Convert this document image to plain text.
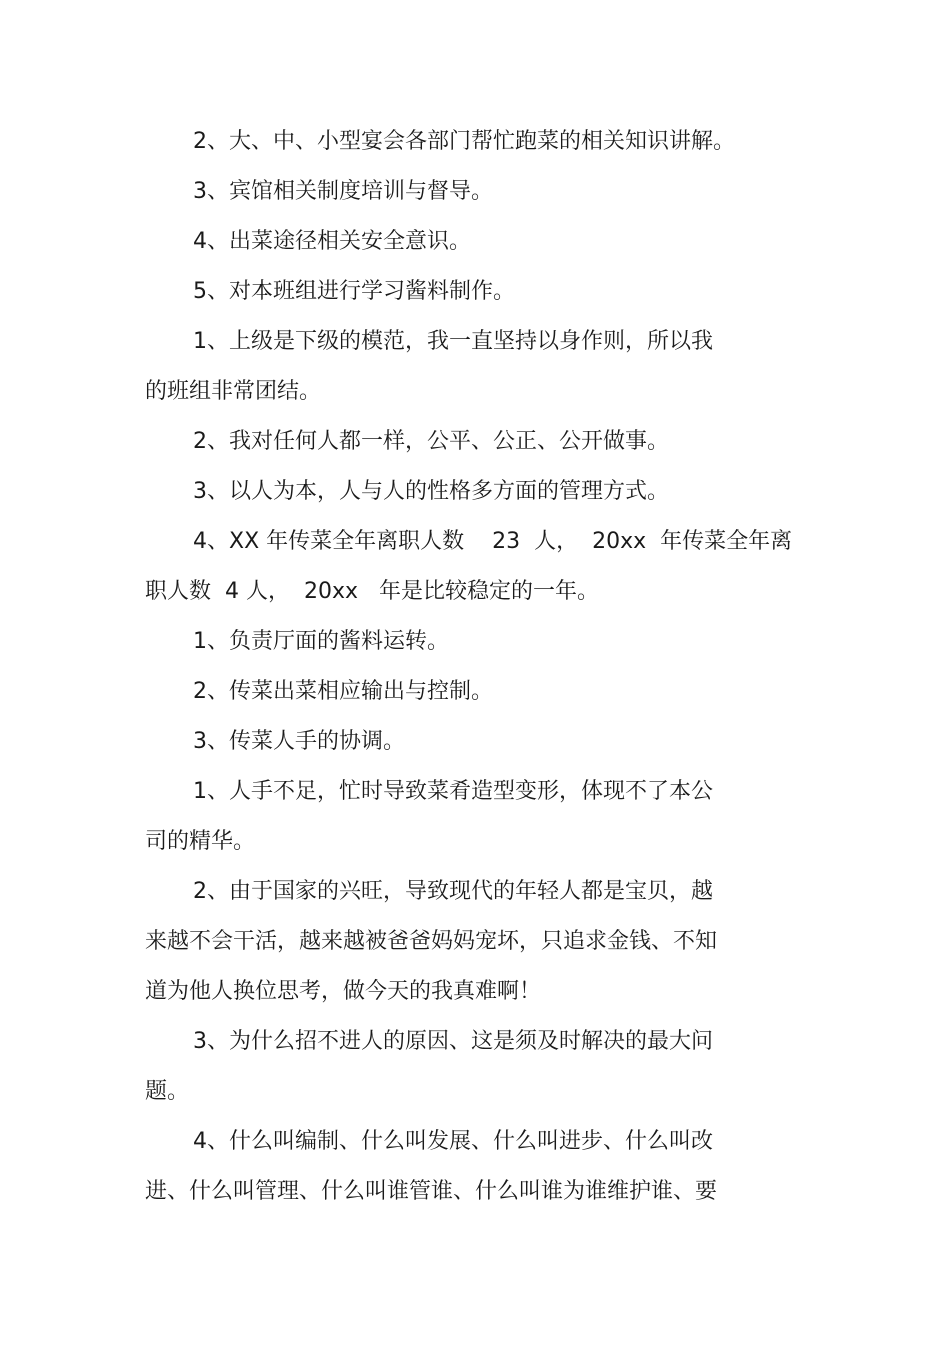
2、大、中、小型宴会各部门帮忙跑菜的相关知识讲解。

3、宾馆相关制度培训与督导。

4、出菜途径相关安全意识。

5、对本班组进行学习酱料制作。

1、上级是下级的模范，我一直坚持以身作则，所以我

的班组非常团结。

2、我对任何人都一样，公平、公正、公开做事。

3、以人为本，人与人的性格多方面的管理方式。

4、XX 年传菜全年离职人数    23  人，  20xx  年传菜全年离

职人数  4 人，  20xx   年是比较稳定的一年。

1、负责厅面的酱料运转。

2、传菜出菜相应输出与控制。

3、传菜人手的协调。

1、人手不足，忙时导致菜肴造型变形，体现不了本公

司的精华。

2、由于国家的兴旺，导致现代的年轻人都是宝贝，越

来越不会干活，越来越被爸爸妈妈宠坏，只追求金钱、不知

道为他人换位思考，做今天的我真难啊！

3、为什么招不进人的原因、这是须及时解决的最大问

题。

4、什么叫编制、什么叫发展、什么叫进步、什么叫改

进、什么叫管理、什么叫谁管谁、什么叫谁为谁维护谁、要
